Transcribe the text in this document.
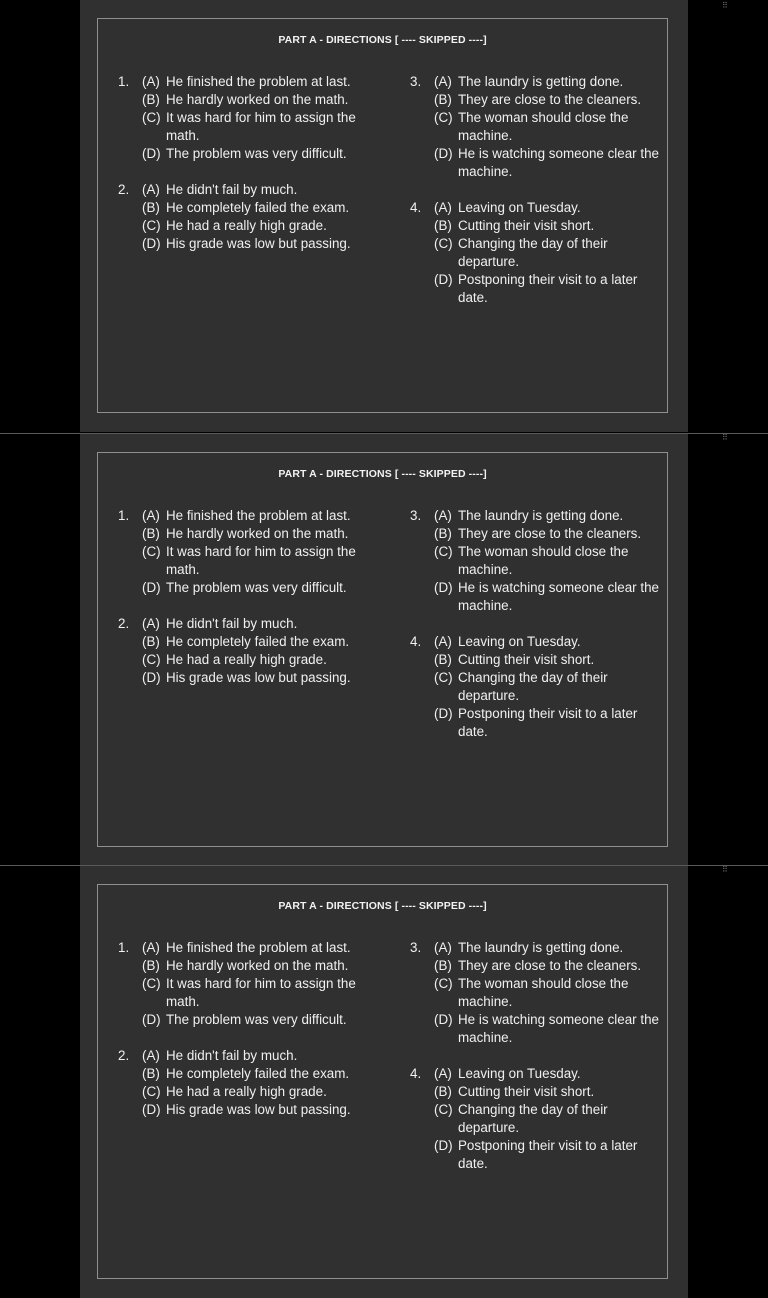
PART A - DIRECTIONS [ ---- SKIPPED ----]
1. (A) He finished the problem at last.
(B) He hardly worked on the math.
(C) It was hard for him to assign the math.
(D) The problem was very difficult.
2. (A) He didn't fail by much.
(B) He completely failed the exam.
(C) He had a really high grade.
(D) His grade was low but passing.
3. (A) The laundry is getting done.
(B) They are close to the cleaners.
(C) The woman should close the machine.
(D) He is watching someone clear the machine.
4. (A) Leaving on Tuesday.
(B) Cutting their visit short.
(C) Changing the day of their departure.
(D) Postponing their visit to a later date.
⠿
PART A - DIRECTIONS [ ---- SKIPPED ----]
1. (A) He finished the problem at last.
(B) He hardly worked on the math.
(C) It was hard for him to assign the math.
(D) The problem was very difficult.
2. (A) He didn't fail by much.
(B) He completely failed the exam.
(C) He had a really high grade.
(D) His grade was low but passing.
3. (A) The laundry is getting done.
(B) They are close to the cleaners.
(C) The woman should close the machine.
(D) He is watching someone clear the machine.
4. (A) Leaving on Tuesday.
(B) Cutting their visit short.
(C) Changing the day of their departure.
(D) Postponing their visit to a later date.
⠿
PART A - DIRECTIONS [ ---- SKIPPED ----]
1. (A) He finished the problem at last.
(B) He hardly worked on the math.
(C) It was hard for him to assign the math.
(D) The problem was very difficult.
2. (A) He didn't fail by much.
(B) He completely failed the exam.
(C) He had a really high grade.
(D) His grade was low but passing.
3. (A) The laundry is getting done.
(B) They are close to the cleaners.
(C) The woman should close the machine.
(D) He is watching someone clear the machine.
4. (A) Leaving on Tuesday.
(B) Cutting their visit short.
(C) Changing the day of their departure.
(D) Postponing their visit to a later date.
⠿
